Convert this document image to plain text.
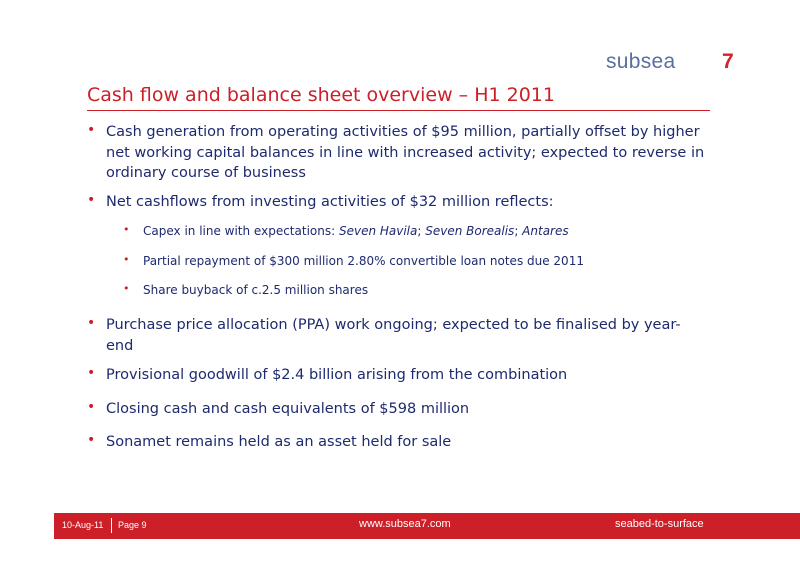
subsea 7
Cash flow and balance sheet overview – H1 2011
• Cash generation from operating activities of $95 million, partially offset by higher net working capital balances in line with increased activity; expected to reverse in ordinary course of business
• Net cashflows from investing activities of $32 million reflects:
• Capex in line with expectations: Seven Havila; Seven Borealis; Antares
• Partial repayment of $300 million 2.80% convertible loan notes due 2011
• Share buyback of c.2.5 million shares
• Purchase price allocation (PPA) work ongoing; expected to be finalised by year-end
• Provisional goodwill of $2.4 billion arising from the combination
• Closing cash and cash equivalents of $598 million
• Sonamet remains held as an asset held for sale
10-Aug-11 Page 9	www.subsea7.com	seabed-to-surface
